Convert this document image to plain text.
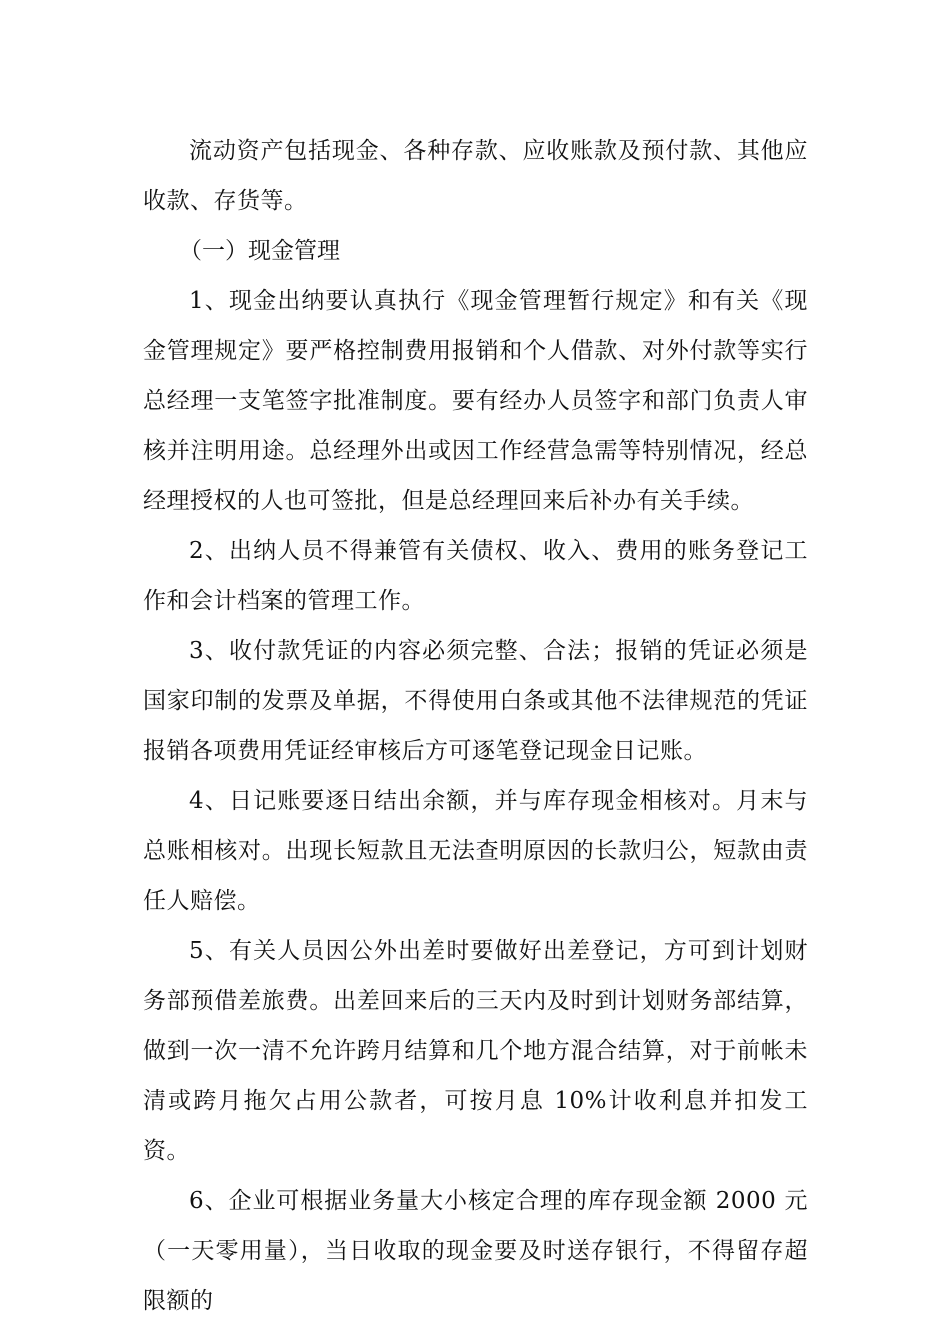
流动资产包括现金、各种存款、应收账款及预付款、其他应收款、存货等。

（一）现金管理

1、现金出纳要认真执行《现金管理暂行规定》和有关《现金管理规定》要严格控制费用报销和个人借款、对外付款等实行总经理一支笔签字批准制度。要有经办人员签字和部门负责人审核并注明用途。总经理外出或因工作经营急需等特别情况，经总经理授权的人也可签批，但是总经理回来后补办有关手续。

2、出纳人员不得兼管有关债权、收入、费用的账务登记工作和会计档案的管理工作。

3、收付款凭证的内容必须完整、合法；报销的凭证必须是国家印制的发票及单据，不得使用白条或其他不法律规范的凭证报销各项费用凭证经审核后方可逐笔登记现金日记账。

4、日记账要逐日结出余额，并与库存现金相核对。月末与总账相核对。出现长短款且无法查明原因的长款归公，短款由责任人赔偿。

5、有关人员因公外出差时要做好出差登记，方可到计划财务部预借差旅费。出差回来后的三天内及时到计划财务部结算，做到一次一清不允许跨月结算和几个地方混合结算，对于前帐未清或跨月拖欠占用公款者，可按月息 10%计收利息并扣发工资。

6、企业可根据业务量大小核定合理的库存现金额 2000 元（一天零用量），当日收取的现金要及时送存银行，不得留存超限额的
